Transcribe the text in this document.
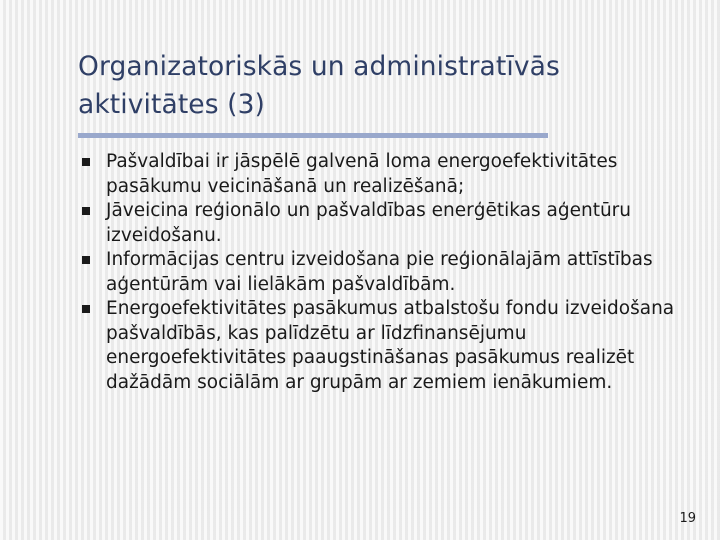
Organizatoriskās un administratīvās aktivitātes (3)
Pašvaldībai ir jāspēlē galvenā loma energoefektivitātes pasākumu veicināšanā un realizēšanā;
Jāveicina reģionālo un pašvaldības enerģētikas aģentūru izveidošanu.
Informācijas centru izveidošana pie reģionālajām attīstības aģentūrām vai lielākām pašvaldībām.
Energoefektivitātes pasākumus atbalstošu fondu izveidošana pašvaldībās, kas palīdzētu ar līdzfinansējumu energoefektivitātes paaugstināšanas pasākumus realizēt dažādām sociālām ar grupām ar zemiem ienākumiem.
19
